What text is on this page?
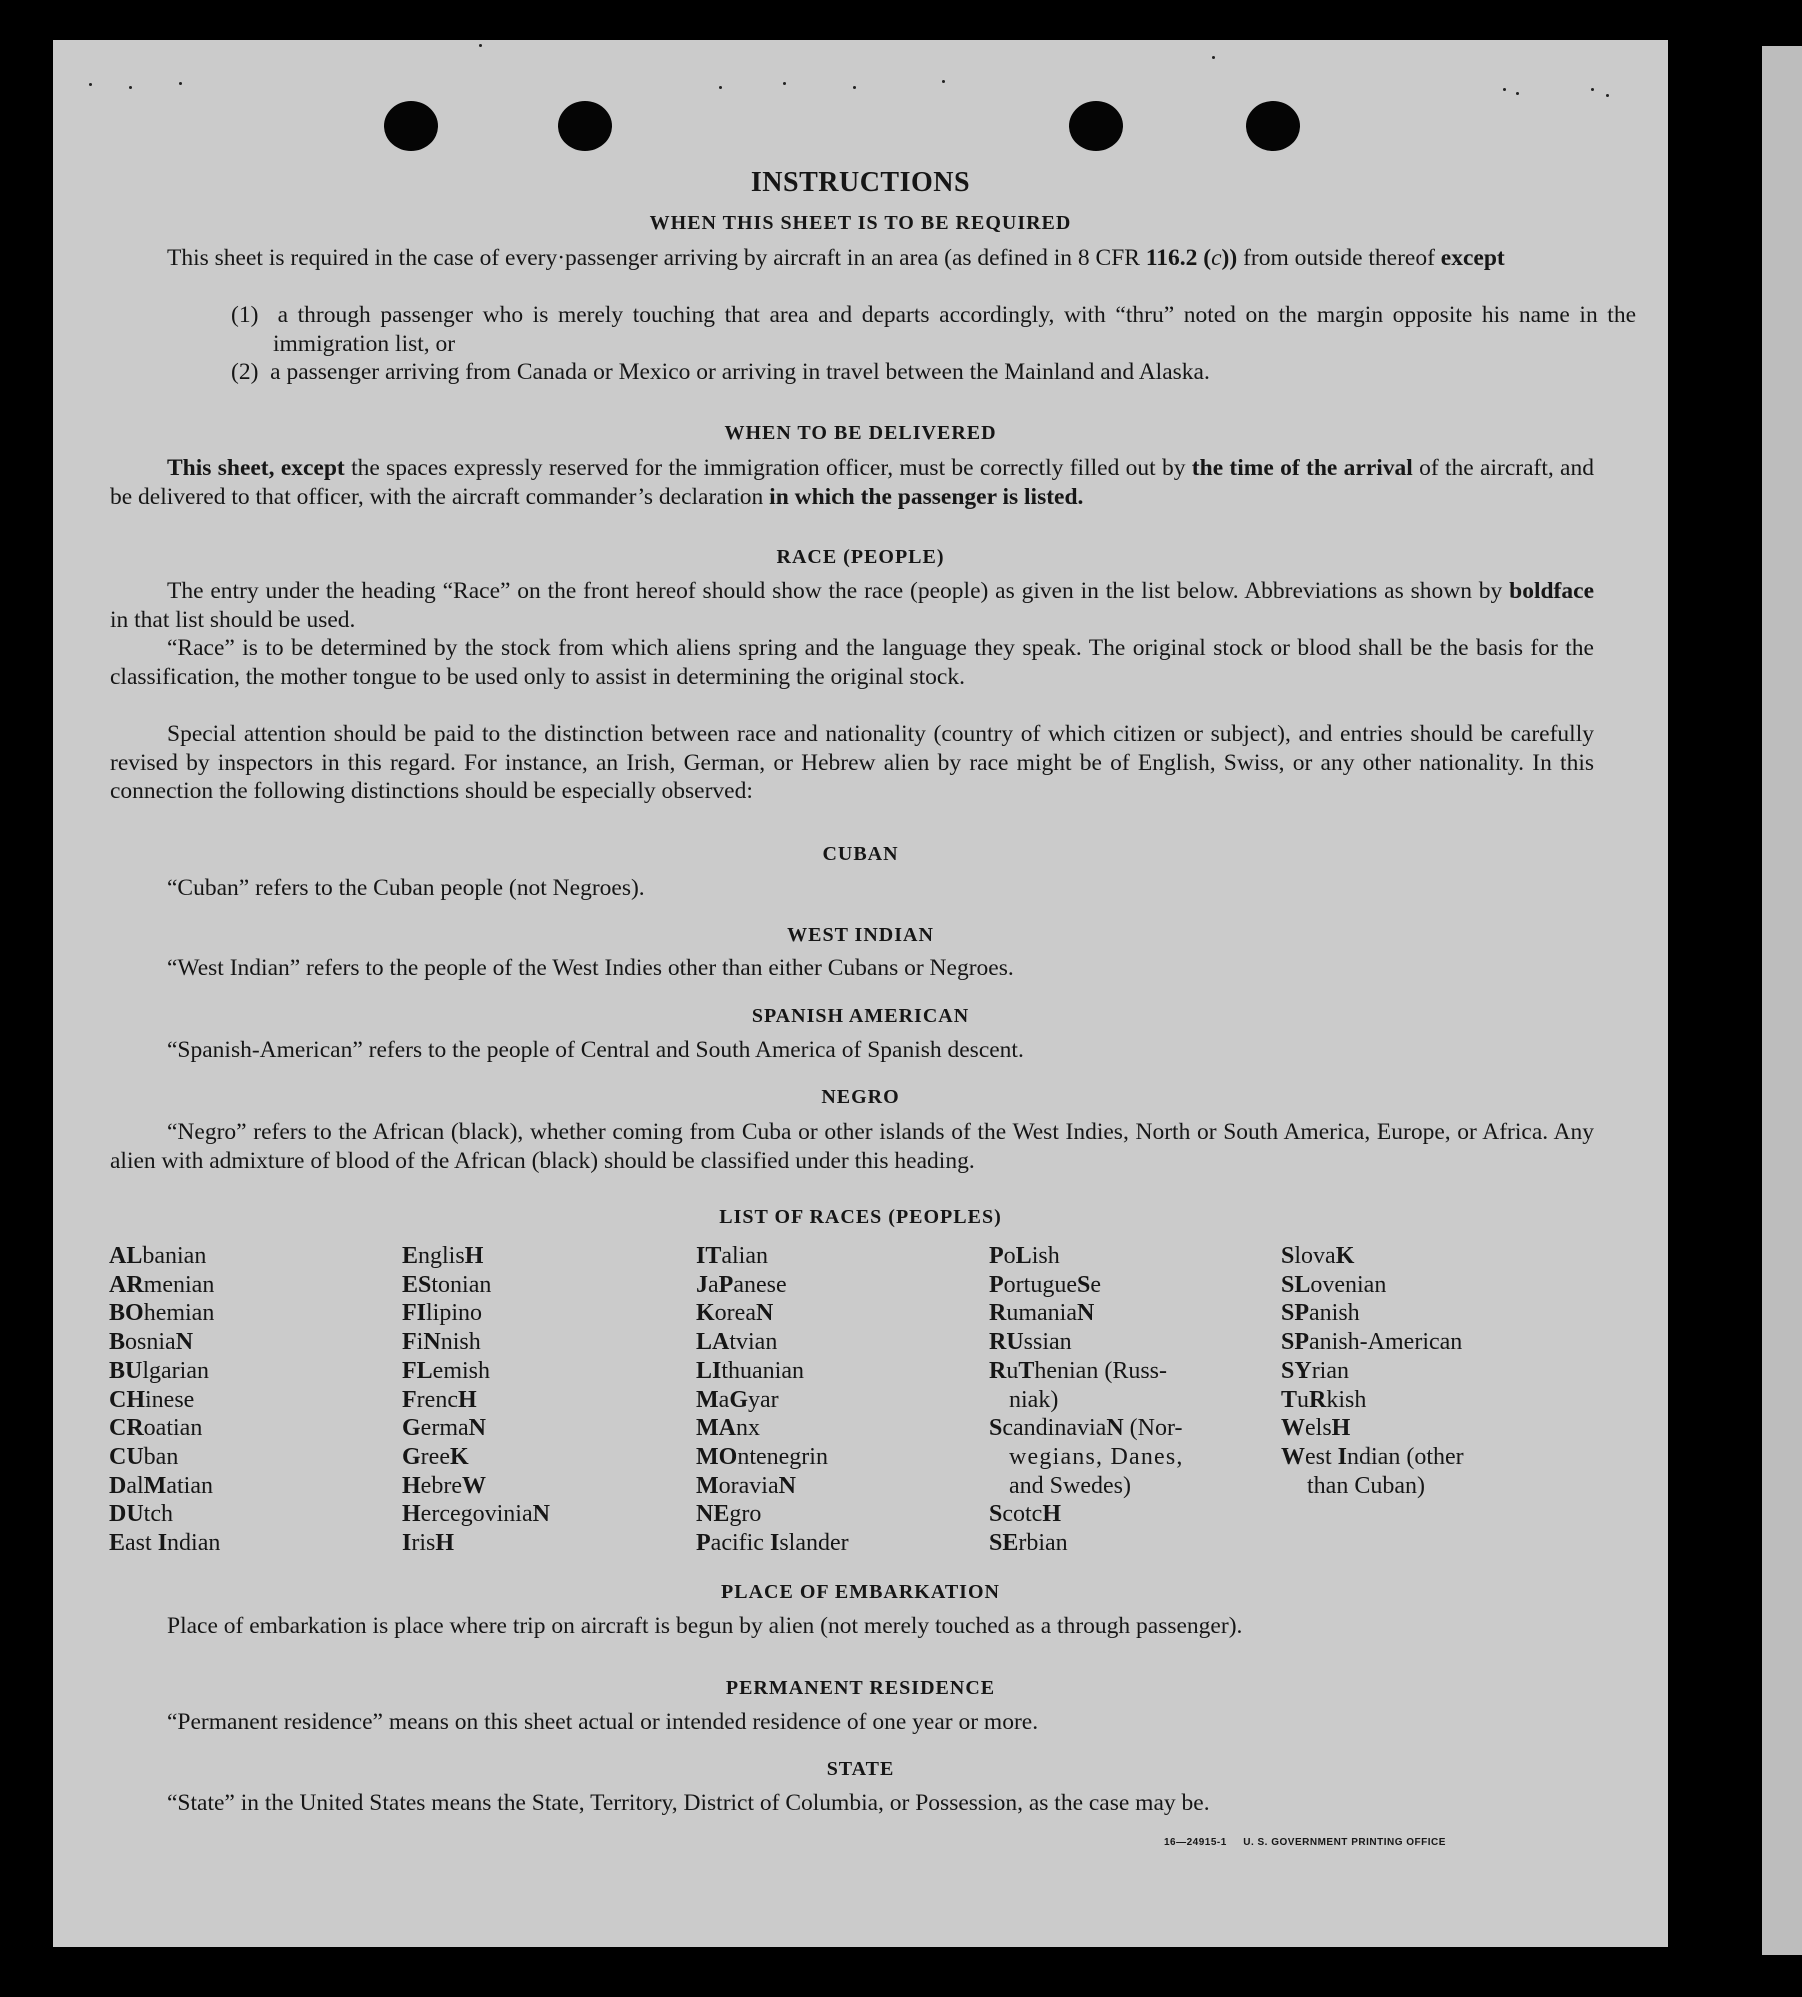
INSTRUCTIONS
WHEN THIS SHEET IS TO BE REQUIRED

This sheet is required in the case of every·passenger arriving by aircraft in an area (as defined in 8 CFR 116.2 (c)) from outside thereof except

(1) a through passenger who is merely touching that area and departs accordingly, with “thru” noted on the margin opposite his name in the immigration list, or

(2) a passenger arriving from Canada or Mexico or arriving in travel between the Mainland and Alaska.

WHEN TO BE DELIVERED

This sheet, except the spaces expressly reserved for the immigration officer, must be correctly filled out by the time of the arrival of the aircraft, and be delivered to that officer, with the aircraft commander’s declaration in which the passenger is listed.

RACE (PEOPLE)

The entry under the heading “Race” on the front hereof should show the race (people) as given in the list below. Abbreviations as shown by boldface in that list should be used.

“Race” is to be determined by the stock from which aliens spring and the language they speak. The original stock or blood shall be the basis for the classification, the mother tongue to be used only to assist in determining the original stock.

Special attention should be paid to the distinction between race and nationality (country of which citizen or subject), and entries should be carefully revised by inspectors in this regard. For instance, an Irish, German, or Hebrew alien by race might be of English, Swiss, or any other nationality. In this connection the following distinctions should be especially observed:

CUBAN

“Cuban” refers to the Cuban people (not Negroes).

WEST INDIAN

“West Indian” refers to the people of the West Indies other than either Cubans or Negroes.

SPANISH AMERICAN

“Spanish-American” refers to the people of Central and South America of Spanish descent.

NEGRO

“Negro” refers to the African (black), whether coming from Cuba or other islands of the West Indies, North or South America, Europe, or Africa. Any alien with admixture of blood of the African (black) should be classified under this heading.

LIST OF RACES (PEOPLES)
ALbanian
ARmenian
BOhemian
BosniaN
BUlgarian
CHinese
CRoatian
CUban
DalMatian
DUtch
East Indian
EnglisH
EStonian
FIlipino
FiNnish
FLemish
FrencH
GermaN
GreeK
HebreW
HercegoviniaN
IrisH
ITalian
JaPanese
KoreaN
LAtvian
LIthuanian
MaGyar
MAnx
MOntenegrin
MoraviaN
NEgro
Pacific Islander
PoLish
PortugueSe
RumaniaN
RUssian
RuThenian (Russ-
niak)
ScandinaviaN (Nor-
wegians, Danes,
and Swedes)
ScotcH
SErbian
SlovaK
SLovenian
SPanish
SPanish-American
SYrian
TuRkish
WelsH
West Indian (other
than Cuban)
PLACE OF EMBARKATION

Place of embarkation is place where trip on aircraft is begun by alien (not merely touched as a through passenger).

PERMANENT RESIDENCE

“Permanent residence” means on this sheet actual or intended residence of one year or more.

STATE

“State” in the United States means the State, Territory, District of Columbia, or Possession, as the case may be.

16—24915-1 U. S. GOVERNMENT PRINTING OFFICE
